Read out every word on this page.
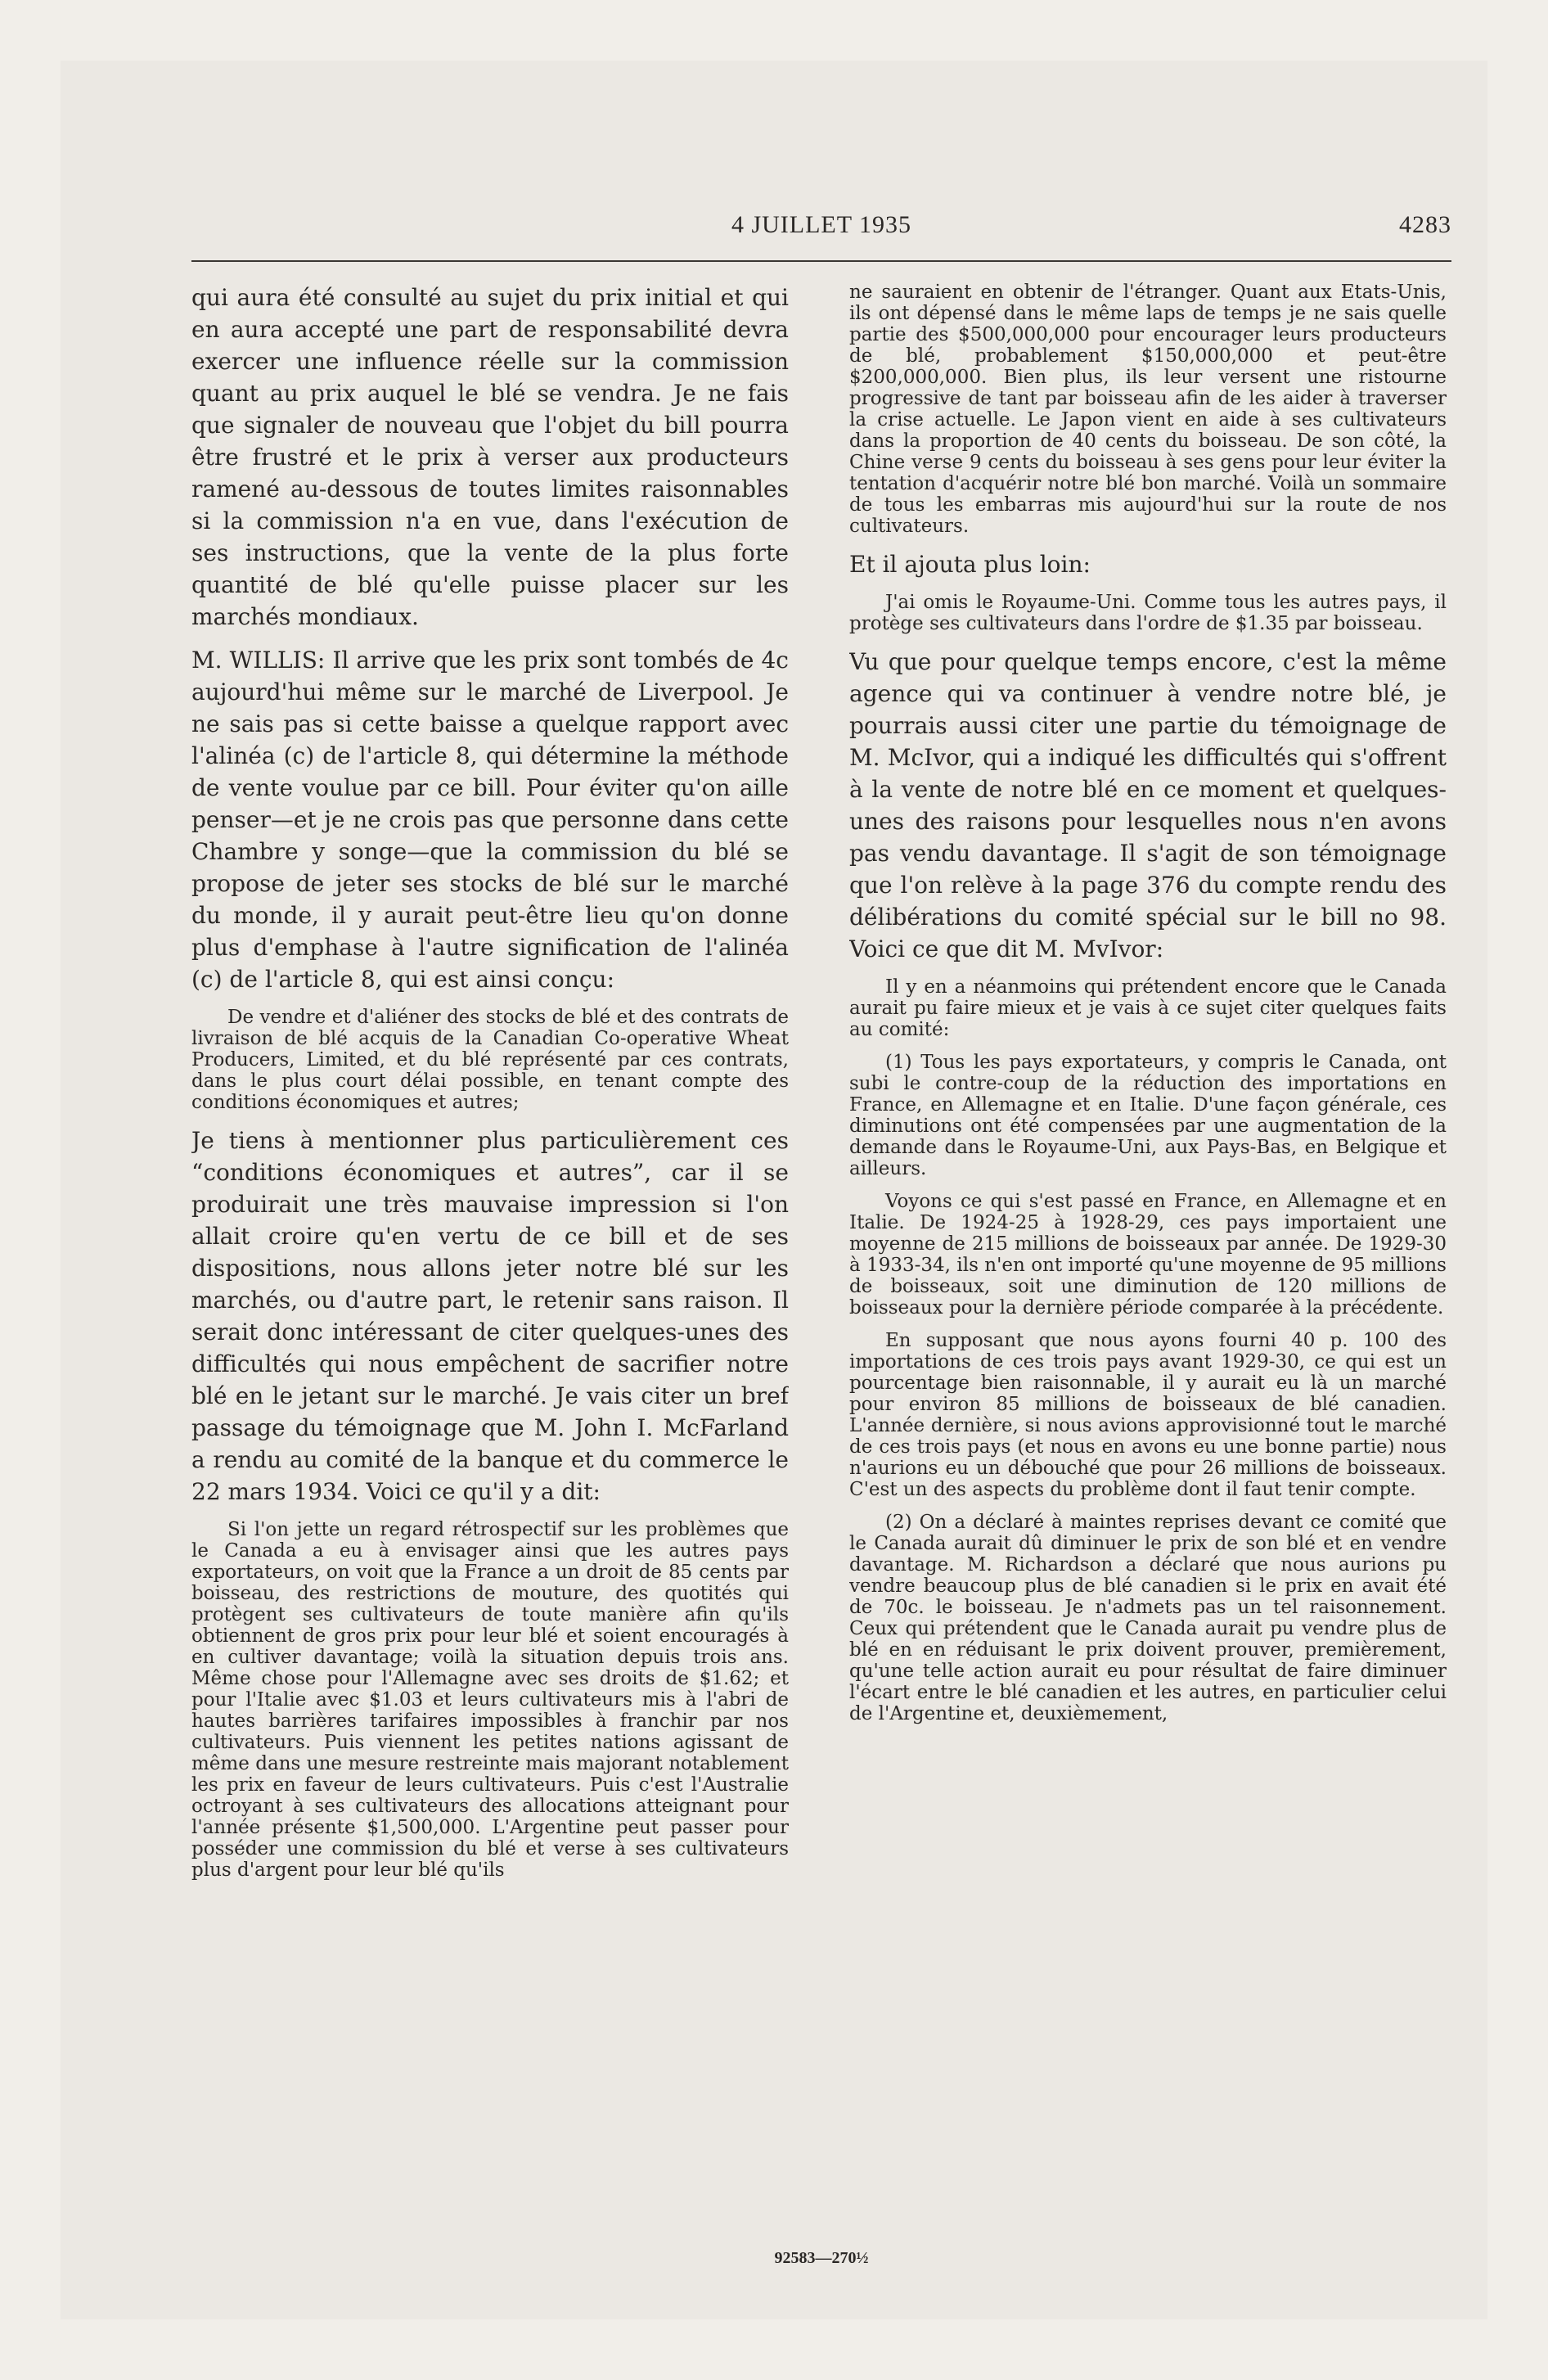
4 JUILLET 1935	4283

qui aura été consulté au sujet du prix initial et qui en aura accepté une part de responsabilité devra exercer une influence réelle sur la commission quant au prix auquel le blé se vendra. Je ne fais que signaler de nouveau que l'objet du bill pourra être frustré et le prix à verser aux producteurs ramené au-dessous de toutes limites raisonnables si la commission n'a en vue, dans l'exécution de ses instructions, que la vente de la plus forte quantité de blé qu'elle puisse placer sur les marchés mondiaux.

M. WILLIS: Il arrive que les prix sont tombés de 4c aujourd'hui même sur le marché de Liverpool. Je ne sais pas si cette baisse a quelque rapport avec l'alinéa (c) de l'article 8, qui détermine la méthode de vente voulue par ce bill. Pour éviter qu'on aille penser—et je ne crois pas que personne dans cette Chambre y songe—que la commission du blé se propose de jeter ses stocks de blé sur le marché du monde, il y aurait peut-être lieu qu'on donne plus d'emphase à l'autre signification de l'alinéa (c) de l'article 8, qui est ainsi conçu:

De vendre et d'aliéner des stocks de blé et des contrats de livraison de blé acquis de la Canadian Co-operative Wheat Producers, Limited, et du blé représenté par ces contrats, dans le plus court délai possible, en tenant compte des conditions économiques et autres;

Je tiens à mentionner plus particulièrement ces “conditions économiques et autres”, car il se produirait une très mauvaise impression si l'on allait croire qu'en vertu de ce bill et de ses dispositions, nous allons jeter notre blé sur les marchés, ou d'autre part, le retenir sans raison. Il serait donc intéressant de citer quelques-unes des difficultés qui nous empêchent de sacrifier notre blé en le jetant sur le marché. Je vais citer un bref passage du témoignage que M. John I. McFarland a rendu au comité de la banque et du commerce le 22 mars 1934. Voici ce qu'il y a dit:

Si l'on jette un regard rétrospectif sur les problèmes que le Canada a eu à envisager ainsi que les autres pays exportateurs, on voit que la France a un droit de 85 cents par boisseau, des restrictions de mouture, des quotités qui protègent ses cultivateurs de toute manière afin qu'ils obtiennent de gros prix pour leur blé et soient encouragés à en cultiver davantage; voilà la situation depuis trois ans. Même chose pour l'Allemagne avec ses droits de $1.62; et pour l'Italie avec $1.03 et leurs cultivateurs mis à l'abri de hautes barrières tarifaires impossibles à franchir par nos cultivateurs. Puis viennent les petites nations agissant de même dans une mesure restreinte mais majorant notablement les prix en faveur de leurs cultivateurs. Puis c'est l'Australie octroyant à ses cultivateurs des allocations atteignant pour l'année présente $1,500,000. L'Argentine peut passer pour posséder une commission du blé et verse à ses cultivateurs plus d'argent pour leur blé qu'ils

ne sauraient en obtenir de l'étranger. Quant aux Etats-Unis, ils ont dépensé dans le même laps de temps je ne sais quelle partie des $500,000,000 pour encourager leurs producteurs de blé, probablement $150,000,000 et peut-être $200,000,000. Bien plus, ils leur versent une ristourne progressive de tant par boisseau afin de les aider à traverser la crise actuelle. Le Japon vient en aide à ses cultivateurs dans la proportion de 40 cents du boisseau. De son côté, la Chine verse 9 cents du boisseau à ses gens pour leur éviter la tentation d'acquérir notre blé bon marché. Voilà un sommaire de tous les embarras mis aujourd'hui sur la route de nos cultivateurs.

Et il ajouta plus loin:

J'ai omis le Royaume-Uni. Comme tous les autres pays, il protège ses cultivateurs dans l'ordre de $1.35 par boisseau.

Vu que pour quelque temps encore, c'est la même agence qui va continuer à vendre notre blé, je pourrais aussi citer une partie du témoignage de M. McIvor, qui a indiqué les difficultés qui s'offrent à la vente de notre blé en ce moment et quelques-unes des raisons pour lesquelles nous n'en avons pas vendu davantage. Il s'agit de son témoignage que l'on relève à la page 376 du compte rendu des délibérations du comité spécial sur le bill no 98. Voici ce que dit M. MvIvor:

Il y en a néanmoins qui prétendent encore que le Canada aurait pu faire mieux et je vais à ce sujet citer quelques faits au comité:

(1) Tous les pays exportateurs, y compris le Canada, ont subi le contre-coup de la réduction des importations en France, en Allemagne et en Italie. D'une façon générale, ces diminutions ont été compensées par une augmentation de la demande dans le Royaume-Uni, aux Pays-Bas, en Belgique et ailleurs.

Voyons ce qui s'est passé en France, en Allemagne et en Italie. De 1924-25 à 1928-29, ces pays importaient une moyenne de 215 millions de boisseaux par année. De 1929-30 à 1933-34, ils n'en ont importé qu'une moyenne de 95 millions de boisseaux, soit une diminution de 120 millions de boisseaux pour la dernière période comparée à la précédente.

En supposant que nous ayons fourni 40 p. 100 des importations de ces trois pays avant 1929-30, ce qui est un pourcentage bien raisonnable, il y aurait eu là un marché pour environ 85 millions de boisseaux de blé canadien. L'année dernière, si nous avions approvisionné tout le marché de ces trois pays (et nous en avons eu une bonne partie) nous n'aurions eu un débouché que pour 26 millions de boisseaux. C'est un des aspects du problème dont il faut tenir compte.

(2) On a déclaré à maintes reprises devant ce comité que le Canada aurait dû diminuer le prix de son blé et en vendre davantage. M. Richardson a déclaré que nous aurions pu vendre beaucoup plus de blé canadien si le prix en avait été de 70c. le boisseau. Je n'admets pas un tel raisonnement. Ceux qui prétendent que le Canada aurait pu vendre plus de blé en en réduisant le prix doivent prouver, premièrement, qu'une telle action aurait eu pour résultat de faire diminuer l'écart entre le blé canadien et les autres, en particulier celui de l'Argentine et, deuxièmement,

92583—270½
